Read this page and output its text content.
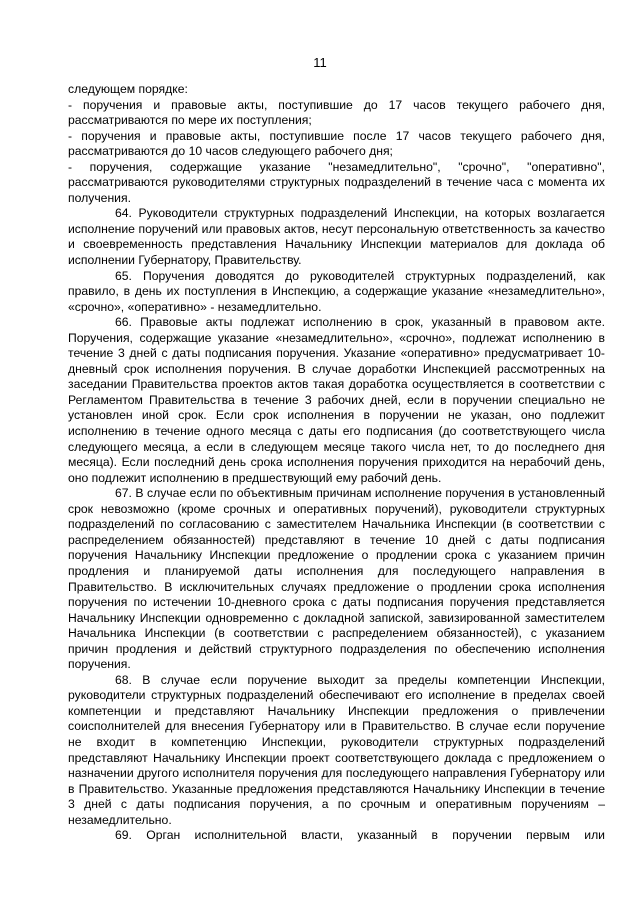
11

следующем порядке:

- поручения и правовые акты, поступившие до 17 часов текущего рабочего дня, рассматриваются по мере их поступления;

- поручения и правовые акты, поступившие после 17 часов текущего рабочего дня, рассматриваются до 10 часов следующего рабочего дня;

- поручения, содержащие указание "незамедлительно", "срочно", "оперативно", рассматриваются руководителями структурных подразделений в течение часа с момента их получения.

64. Руководители структурных подразделений Инспекции, на которых возлагается исполнение поручений или правовых актов, несут персональную ответственность за качество и своевременность представления Начальнику Инспекции материалов для доклада об исполнении Губернатору, Правительству.

65. Поручения доводятся до руководителей структурных подразделений, как правило, в день их поступления в Инспекцию, а содержащие указание «незамедлительно», «срочно», «оперативно» - незамедлительно.

66. Правовые акты подлежат исполнению в срок, указанный в правовом акте. Поручения, содержащие указание «незамедлительно», «срочно», подлежат исполнению в течение 3 дней с даты подписания поручения. Указание «оперативно» предусматривает 10-дневный срок исполнения поручения. В случае доработки Инспекцией рассмотренных на заседании Правительства проектов актов такая доработка осуществляется в соответствии с Регламентом Правительства в течение 3 рабочих дней, если в поручении специально не установлен иной срок. Если срок исполнения в поручении не указан, оно подлежит исполнению в течение одного месяца с даты его подписания (до соответствующего числа следующего месяца, а если в следующем месяце такого числа нет, то до последнего дня месяца). Если последний день срока исполнения поручения приходится на нерабочий день, оно подлежит исполнению в предшествующий ему рабочий день.

67. В случае если по объективным причинам исполнение поручения в установленный срок невозможно (кроме срочных и оперативных поручений), руководители структурных подразделений по согласованию с заместителем Начальника Инспекции (в соответствии с распределением обязанностей) представляют в течение 10 дней с даты подписания поручения Начальнику Инспекции предложение о продлении срока с указанием причин продления и планируемой даты исполнения для последующего направления в Правительство. В исключительных случаях предложение о продлении срока исполнения поручения по истечении 10-дневного срока с даты подписания поручения представляется Начальнику Инспекции одновременно с докладной запиской, завизированной заместителем Начальника Инспекции (в соответствии с распределением обязанностей), с указанием причин продления и действий структурного подразделения по обеспечению исполнения поручения.

68. В случае если поручение выходит за пределы компетенции Инспекции, руководители структурных подразделений обеспечивают его исполнение в пределах своей компетенции и представляют Начальнику Инспекции предложения о привлечении соисполнителей для внесения Губернатору или в Правительство. В случае если поручение не входит в компетенцию Инспекции, руководители структурных подразделений представляют Начальнику Инспекции проект соответствующего доклада с предложением о назначении другого исполнителя поручения для последующего направления Губернатору или в Правительство. Указанные предложения представляются Начальнику Инспекции в течение 3 дней с даты подписания поручения, а по срочным и оперативным поручениям – незамедлительно.

69. Орган исполнительной власти, указанный в поручении первым или
